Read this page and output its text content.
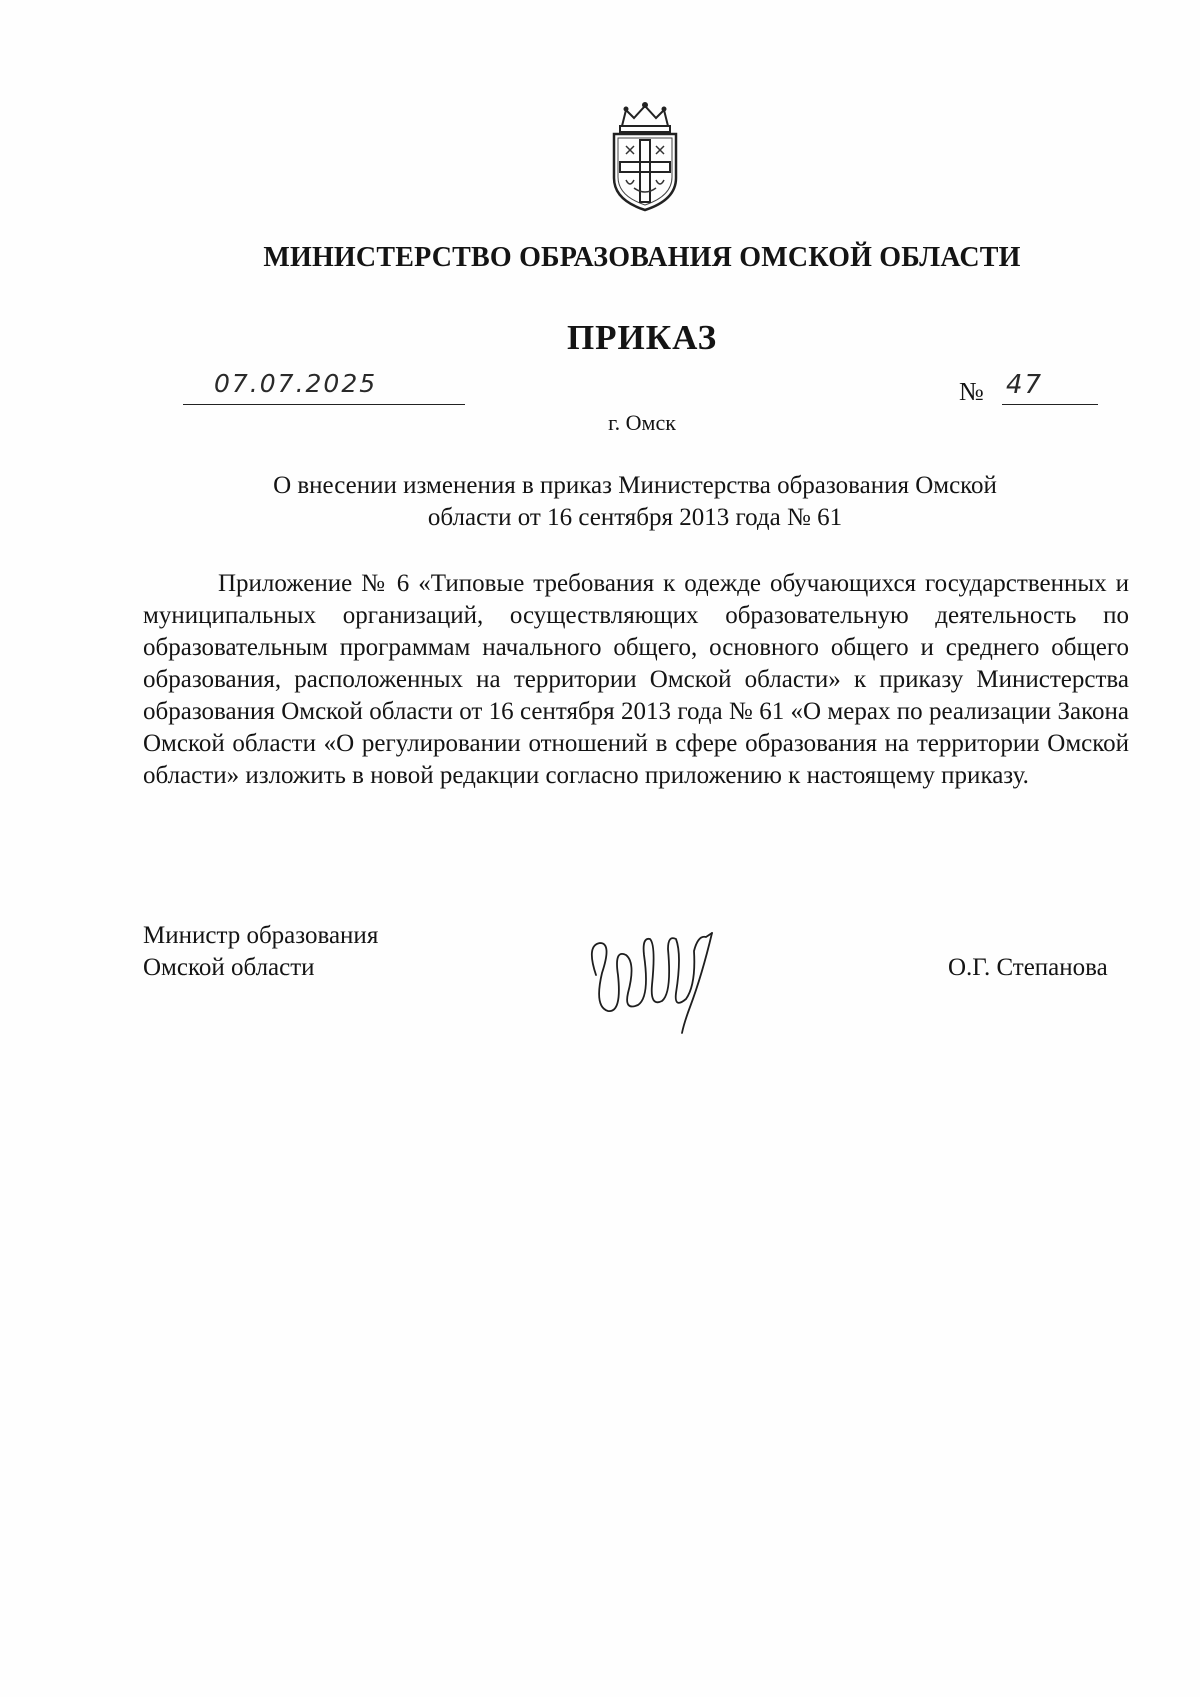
МИНИСТЕРСТВО ОБРАЗОВАНИЯ ОМСКОЙ ОБЛАСТИ
ПРИКАЗ
07.07.2025	№ 47
г. Омск
О внесении изменения в приказ Министерства образования Омской
области от 16 сентября 2013 года № 61
Приложение № 6 «Типовые требования к одежде обучающихся государственных и муниципальных организаций, осуществляющих образовательную деятельность по образовательным программам начального общего, основного общего и среднего общего образования, расположенных на территории Омской области» к приказу Министерства образования Омской области от 16 сентября 2013 года № 61 «О мерах по реализации Закона Омской области «О регулировании отношений в сфере образования на территории Омской области» изложить в новой редакции согласно приложению к настоящему приказу.
Министр образования
Омской области	О.Г. Степанова
